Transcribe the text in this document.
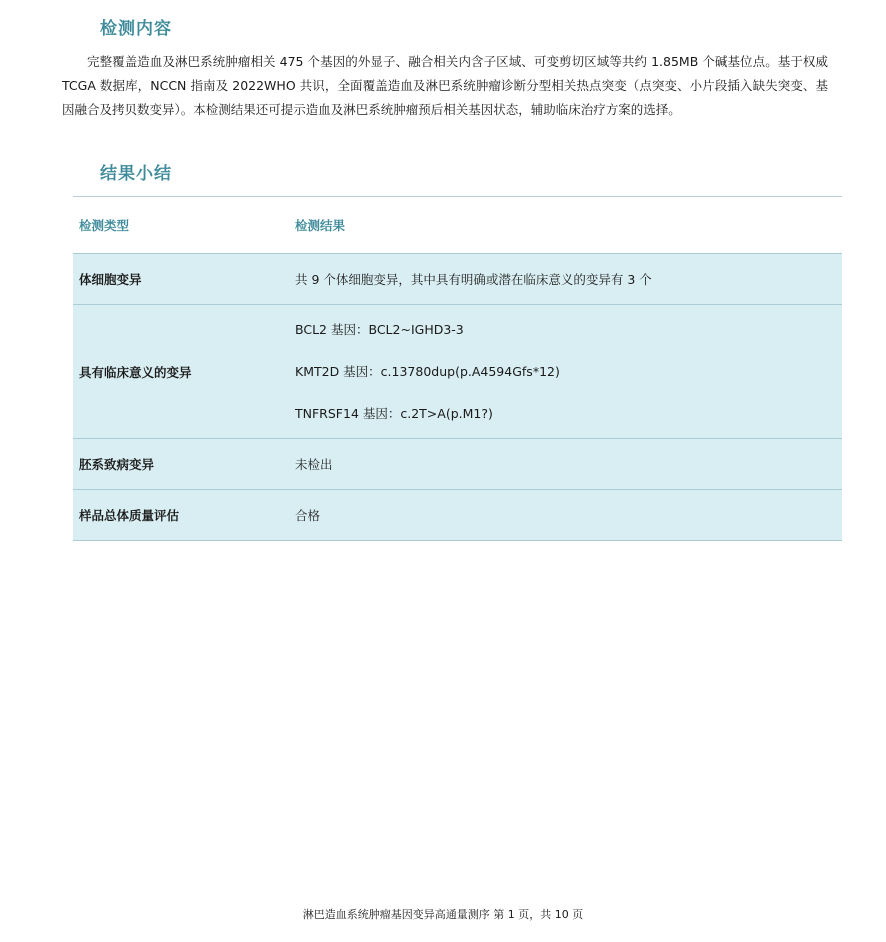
检测内容

完整覆盖造血及淋巴系统肿瘤相关 475 个基因的外显子、融合相关内含子区域、可变剪切区域等共约 1.85MB 个碱基位点。基于权威 TCGA 数据库，NCCN 指南及 2022WHO 共识，全面覆盖造血及淋巴系统肿瘤诊断分型相关热点突变（点突变、小片段插入缺失突变、基因融合及拷贝数变异）。本检测结果还可提示造血及淋巴系统肿瘤预后相关基因状态，辅助临床治疗方案的选择。

结果小结
检测类型	检测结果
体细胞变异	共 9 个体细胞变异，其中具有明确或潜在临床意义的变异有 3 个
具有临床意义的变异	BCL2 基因：BCL2~IGHD3-3
KMT2D 基因：c.13780dup(p.A4594Gfs*12)
TNFRSF14 基因：c.2T>A(p.M1?)

胚系致病变异	未检出
样品总体质量评估	合格
淋巴造血系统肿瘤基因变异高通量测序 第 1 页，共 10 页
